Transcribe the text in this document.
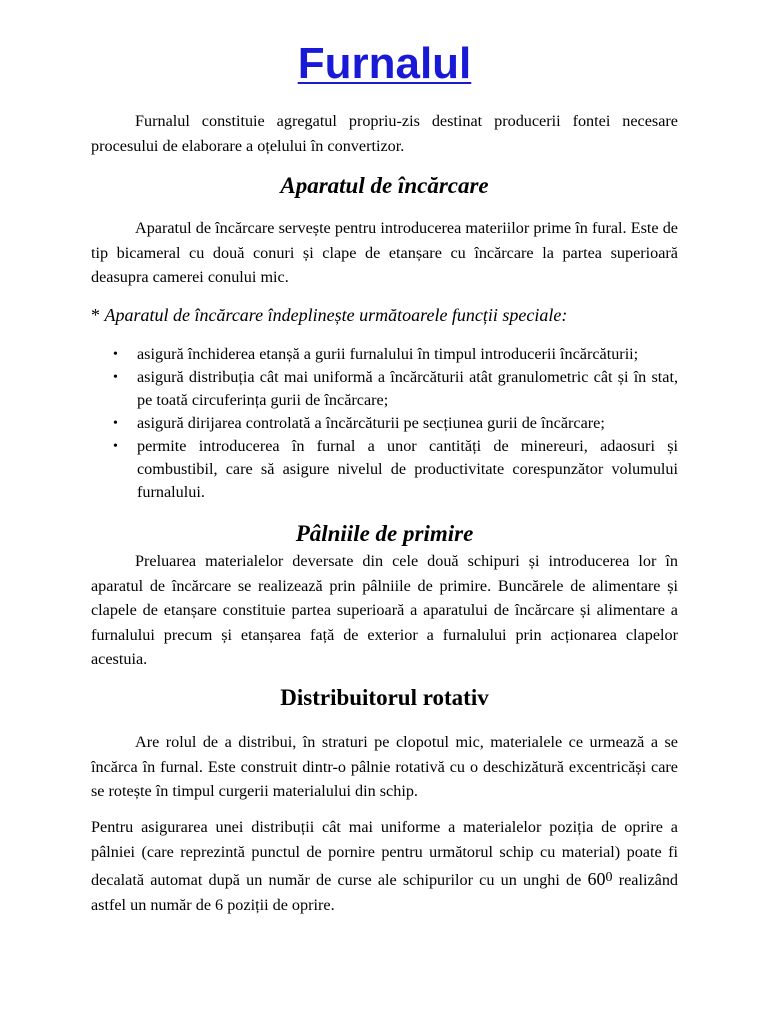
Furnalul

Furnalul constituie agregatul propriu-zis destinat producerii fontei necesare procesului de elaborare a oțelului în convertizor.

Aparatul de încărcare

Aparatul de încărcare servește pentru introducerea materiilor prime în fural. Este de tip bicameral cu două conuri și clape de etanșare cu încărcare la partea superioară deasupra camerei conului mic.

* Aparatul de încărcare îndeplinește următoarele funcții speciale:

• asigură închiderea etanșă a gurii furnalului în timpul introducerii încărcăturii;
• asigură distribuția cât mai uniformă a încărcăturii atât granulometric cât și în stat, pe toată circuferința gurii de încărcare;
• asigură dirijarea controlată a încărcăturii pe secțiunea gurii de încărcare;
• permite introducerea în furnal a unor cantități de minereuri, adaosuri și combustibil, care să asigure nivelul de productivitate corespunzător volumului furnalului.
Pâlniile de primire

Preluarea materialelor deversate din cele două schipuri și introducerea lor în aparatul de încărcare se realizează prin pâlniile de primire. Buncărele de alimentare și clapele de etanșare constituie partea superioară a aparatului de încărcare și alimentare a furnalului precum și etanșarea față de exterior a furnalului prin acționarea clapelor acestuia.

Distribuitorul rotativ

Are rolul de a distribui, în straturi pe clopotul mic, materialele ce urmează a se încărca în furnal. Este construit dintr-o pâlnie rotativă cu o deschizătură excentricăși care se rotește în timpul curgerii materialului din schip.

Pentru asigurarea unei distribuții cât mai uniforme a materialelor poziția de oprire a pâlniei (care reprezintă punctul de pornire pentru următorul schip cu material) poate fi decalată automat după un număr de curse ale schipurilor cu un unghi de $60^0$ realizând astfel un număr de 6 poziții de oprire.
